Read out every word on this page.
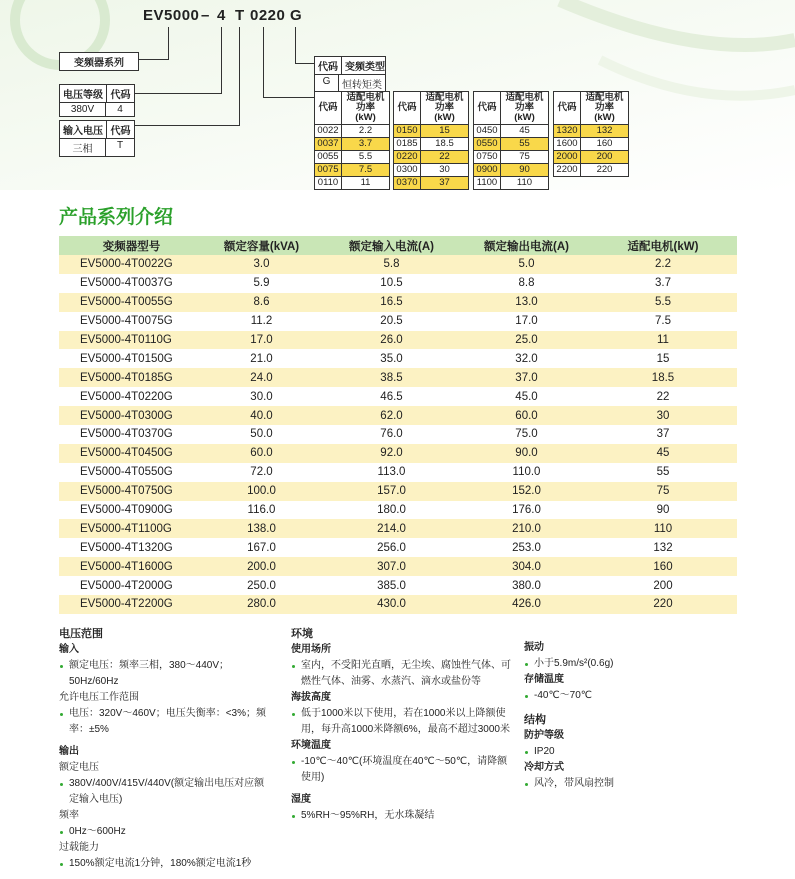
EV5000 – 4 T 0220 G
变频器系列
电压等级 代码
380V	4
输入电压 代码
三相	T
代码 变频类型
G	恒转矩类
代码	适配电机
功率
(kW)
0022	2.2
0037	3.7
0055	5.5
0075	7.5
0110	11
代码	适配电机
功率
(kW)
0150	15
0185	18.5
0220	22
0300	30
0370	37
代码	适配电机
功率
(kW)
0450	45
0550	55
0750	75
0900	90
1100	110
代码	适配电机
功率
(kW)
1320	132
1600	160
2000	200
2200	220
产品系列介绍
变频器型号	额定容量(kVA)	额定输入电流(A)	额定输出电流(A)	适配电机(kW)
EV5000-4T0022G	3.0	5.8	5.0	2.2
EV5000-4T0037G	5.9	10.5	8.8	3.7
EV5000-4T0055G	8.6	16.5	13.0	5.5
EV5000-4T0075G	11.2	20.5	17.0	7.5
EV5000-4T0110G	17.0	26.0	25.0	11
EV5000-4T0150G	21.0	35.0	32.0	15
EV5000-4T0185G	24.0	38.5	37.0	18.5
EV5000-4T0220G	30.0	46.5	45.0	22
EV5000-4T0300G	40.0	62.0	60.0	30
EV5000-4T0370G	50.0	76.0	75.0	37
EV5000-4T0450G	60.0	92.0	90.0	45
EV5000-4T0550G	72.0	113.0	110.0	55
EV5000-4T0750G	100.0	157.0	152.0	75
EV5000-4T0900G	116.0	180.0	176.0	90
EV5000-4T1100G	138.0	214.0	210.0	110
EV5000-4T1320G	167.0	256.0	253.0	132
EV5000-4T1600G	200.0	307.0	304.0	160
EV5000-4T2000G	250.0	385.0	380.0	200
EV5000-4T2200G	280.0	430.0	426.0	220
电压范围
输入
额定电压：频率三相，380～440V；50Hz/60Hz
允许电压工作范围
电压：320V～460V；电压失衡率：<3%；频率：±5%
输出
额定电压
380V/400V/415V/440V(额定输出电压对应额定输入电压)
频率
0Hz～600Hz
过载能力
150%额定电流1分钟，180%额定电流1秒
环境
使用场所
室内，不受阳光直晒，无尘埃、腐蚀性气体、可燃性气体、油雾、水蒸汽、滴水或盐份等
海拔高度
低于1000米以下使用，若在1000米以上降额使用，每升高1000米降额6%，最高不超过3000米
环境温度
-10℃～40℃(环境温度在40℃～50℃，请降额使用)
湿度
5%RH～95%RH，无水珠凝结
振动
小于5.9m/s²(0.6g)
存储温度
-40℃～70℃
结构
防护等级
IP20
冷却方式
风冷，带风扇控制
